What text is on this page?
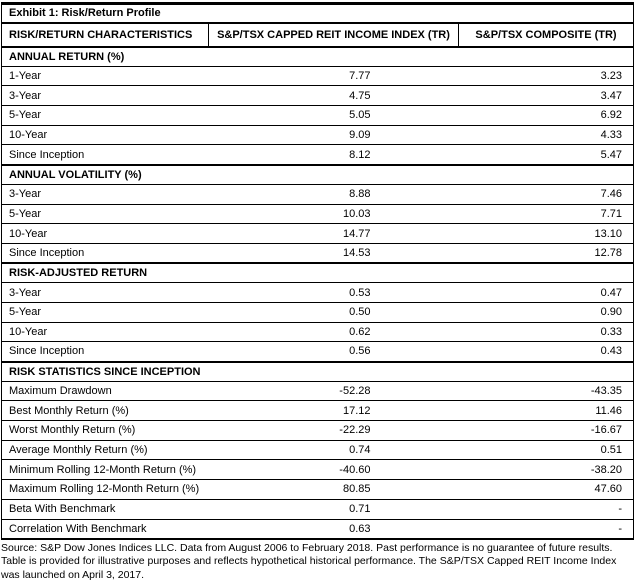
Exhibit 1: Risk/Return Profile		
RISK/RETURN CHARACTERISTICS	S&P/TSX CAPPED REIT INCOME INDEX (TR)	S&P/TSX COMPOSITE (TR)
ANNUAL RETURN (%)		
1-Year	7.77	3.23
3-Year	4.75	3.47
5-Year	5.05	6.92
10-Year	9.09	4.33
Since Inception	8.12	5.47
ANNUAL VOLATILITY (%)		
3-Year	8.88	7.46
5-Year	10.03	7.71
10-Year	14.77	13.10
Since Inception	14.53	12.78
RISK-ADJUSTED RETURN		
3-Year	0.53	0.47
5-Year	0.50	0.90
10-Year	0.62	0.33
Since Inception	0.56	0.43
RISK STATISTICS SINCE INCEPTION		
Maximum Drawdown	-52.28	-43.35
Best Monthly Return (%)	17.12	11.46
Worst Monthly Return (%)	-22.29	-16.67
Average Monthly Return (%)	0.74	0.51
Minimum Rolling 12-Month Return (%)	-40.60	-38.20
Maximum Rolling 12-Month Return (%)	80.85	47.60
Beta With Benchmark	0.71	-
Correlation With Benchmark	0.63	-
Source: S&P Dow Jones Indices LLC. Data from August 2006 to February 2018. Past performance is no guarantee of future results. Table is provided for illustrative purposes and reflects hypothetical historical performance. The S&P/TSX Capped REIT Income Index was launched on April 3, 2017.
